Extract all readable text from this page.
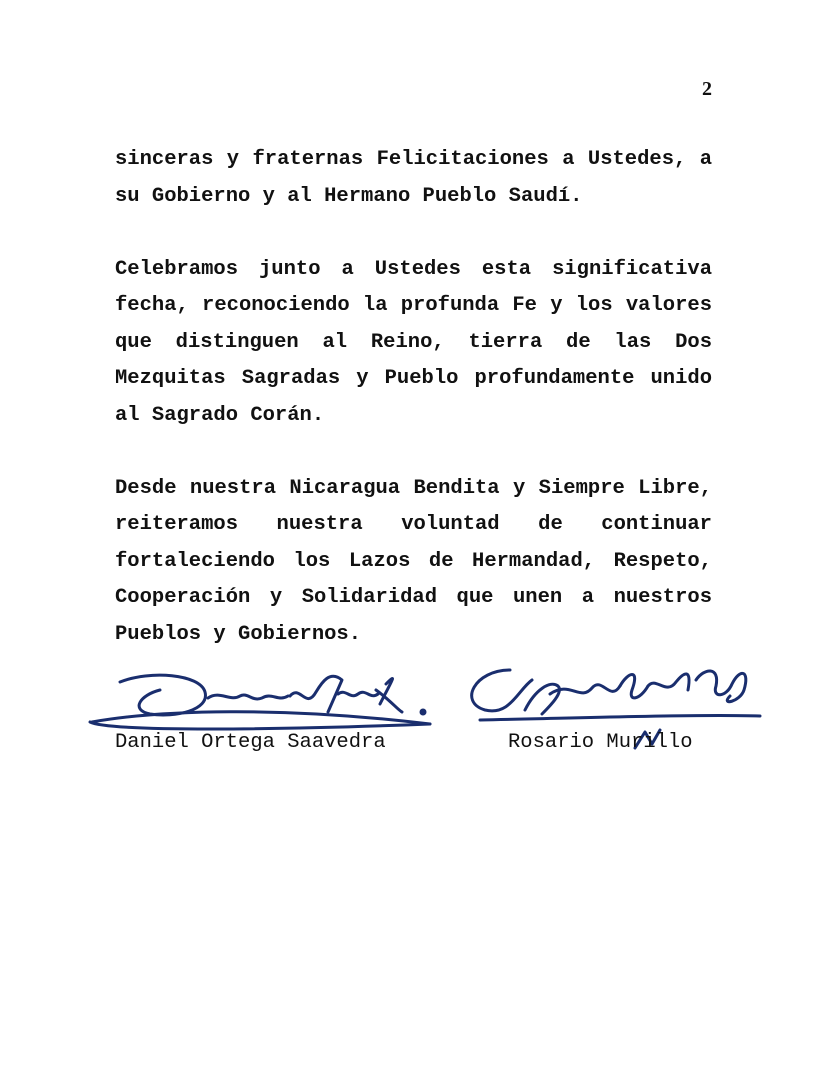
2

sinceras y fraternas Felicitaciones a Ustedes, a su Gobierno y al Hermano Pueblo Saudí.

Celebramos junto a Ustedes esta significativa fecha, reconociendo la profunda Fe y los valores que distinguen al Reino, tierra de las Dos Mezquitas Sagradas y Pueblo profundamente unido al Sagrado Corán.

Desde nuestra Nicaragua Bendita y Siempre Libre, reiteramos nuestra voluntad de continuar fortaleciendo los Lazos de Hermandad, Respeto, Cooperación y Solidaridad que unen a nuestros Pueblos y Gobiernos.

Daniel Ortega Saavedra	Rosario Murillo
